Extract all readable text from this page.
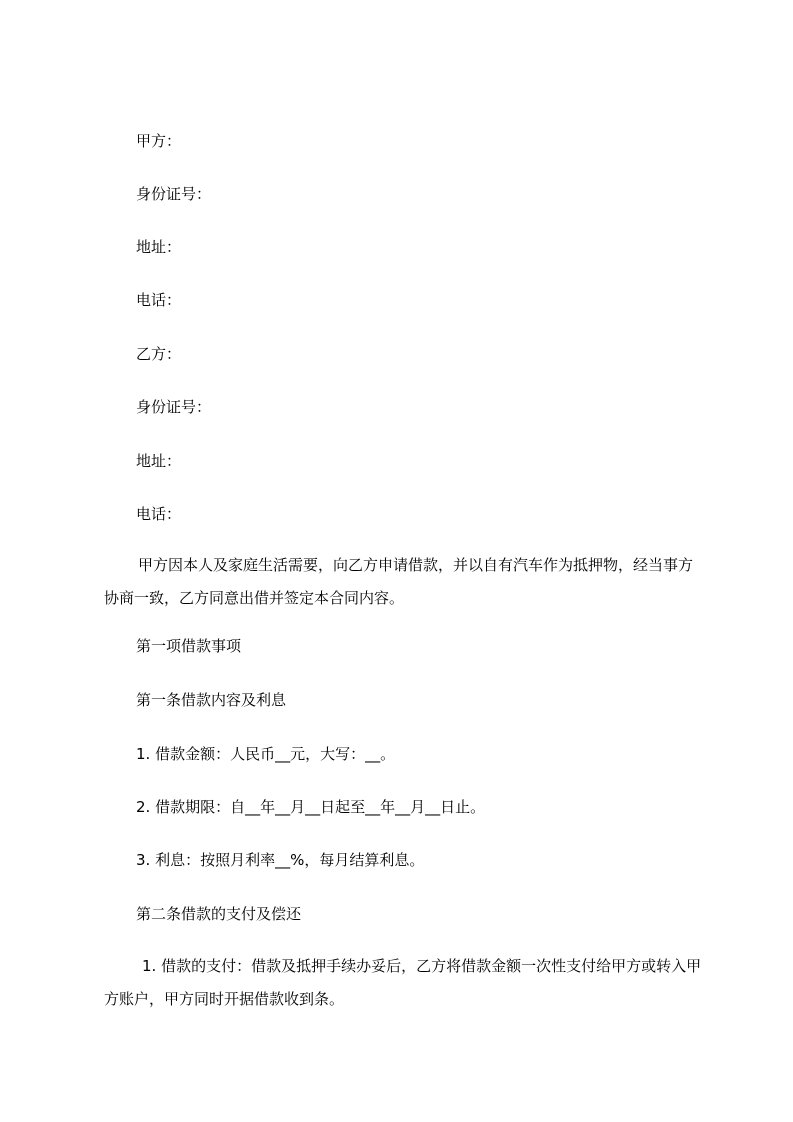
甲方：
身份证号：
地址：
电话：
乙方：
身份证号：
地址：
电话：
甲方因本人及家庭生活需要，向乙方申请借款，并以自有汽车作为抵押物，经当事方协商一致，乙方同意出借并签定本合同内容。
第一项借款事项
第一条借款内容及利息
1. 借款金额：人民币__元，大写：__。
2. 借款期限：自__年__月__日起至__年__月__日止。
3. 利息：按照月利率__%，每月结算利息。
第二条借款的支付及偿还
1. 借款的支付：借款及抵押手续办妥后，乙方将借款金额一次性支付给甲方或转入甲方账户，甲方同时开据借款收到条。
